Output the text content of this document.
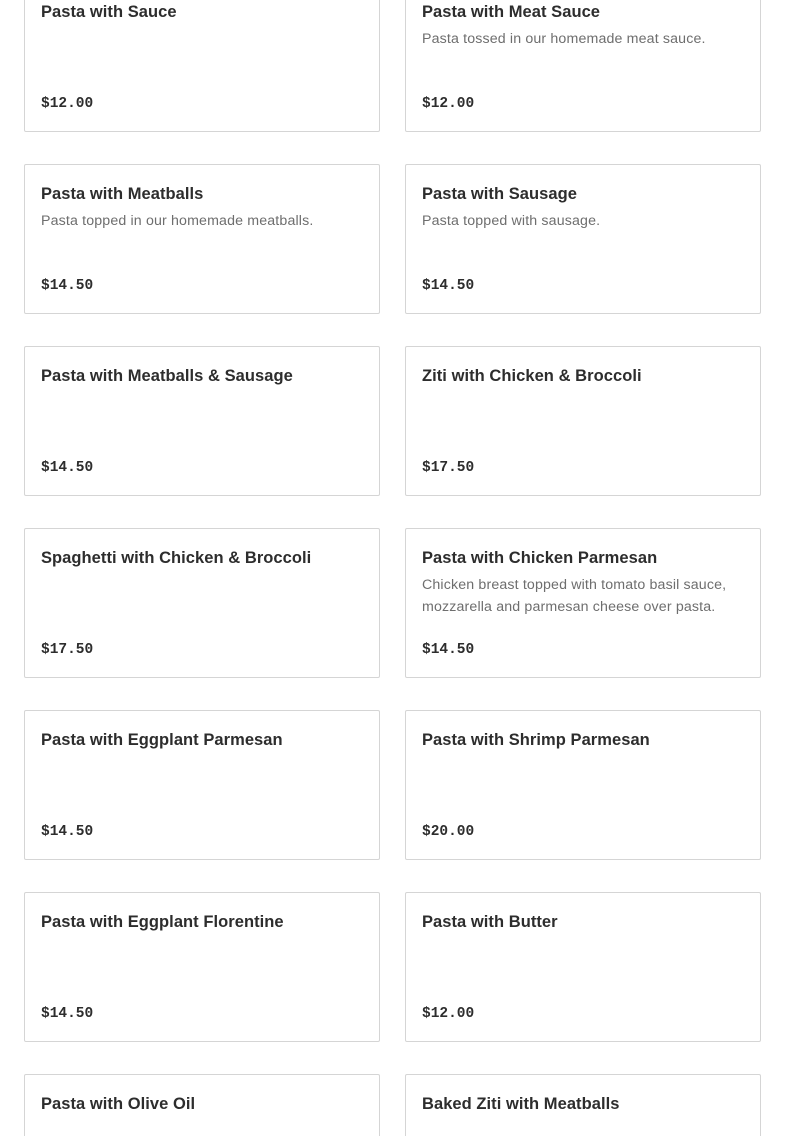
Pasta with Sauce
$12.00
Pasta with Meat Sauce
Pasta tossed in our homemade meat sauce.
$12.00
Pasta with Meatballs
Pasta topped in our homemade meatballs.
$14.50
Pasta with Sausage
Pasta topped with sausage.
$14.50
Pasta with Meatballs & Sausage
$14.50
Ziti with Chicken & Broccoli
$17.50
Spaghetti with Chicken & Broccoli
$17.50
Pasta with Chicken Parmesan
Chicken breast topped with tomato basil sauce, mozzarella and parmesan cheese over pasta.
$14.50
Pasta with Eggplant Parmesan
$14.50
Pasta with Shrimp Parmesan
$20.00
Pasta with Eggplant Florentine
$14.50
Pasta with Butter
$12.00
Pasta with Olive Oil	Baked Ziti with Meatballs
